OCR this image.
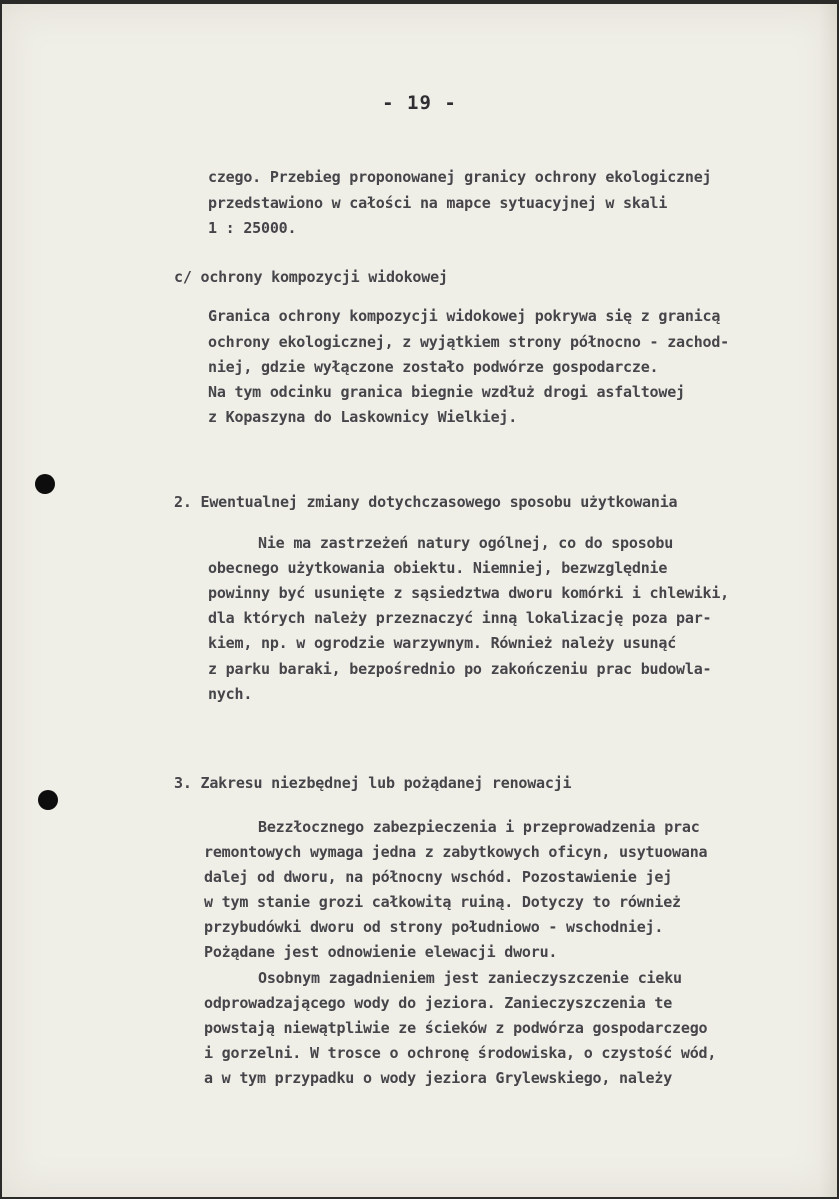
- 19 -
czego. Przebieg proponowanej granicy ochrony ekologicznej
przedstawiono w całości na mapce sytuacyjnej w skali
1 : 25000.
c/ ochrony kompozycji widokowej
Granica ochrony kompozycji widokowej pokrywa się z granicą
ochrony ekologicznej, z wyjątkiem strony północno - zachod-
niej, gdzie wyłączone zostało podwórze gospodarcze.
Na tym odcinku granica biegnie wzdłuż drogi asfaltowej
z Kopaszyna do Laskownicy Wielkiej.
2. Ewentualnej zmiany dotychczasowego sposobu użytkowania
Nie ma zastrzeżeń natury ogólnej, co do sposobu
obecnego użytkowania obiektu. Niemniej, bezwzględnie
powinny być usunięte z sąsiedztwa dworu komórki i chlewiki,
dla których należy przeznaczyć inną lokalizację poza par-
kiem, np. w ogrodzie warzywnym. Również należy usunąć
z parku baraki, bezpośrednio po zakończeniu prac budowla-
nych.
3. Zakresu niezbędnej lub pożądanej renowacji
Bezzłocznego zabezpieczenia i przeprowadzenia prac
remontowych wymaga jedna z zabytkowych oficyn, usytuowana
dalej od dworu, na północny wschód. Pozostawienie jej
w tym stanie grozi całkowitą ruiną. Dotyczy to również
przybudówki dworu od strony południowo - wschodniej.
Pożądane jest odnowienie elewacji dworu.
Osobnym zagadnieniem jest zanieczyszczenie cieku
odprowadzającego wody do jeziora. Zanieczyszczenia te
powstają niewątpliwie ze ścieków z podwórza gospodarczego
i gorzelni. W trosce o ochronę środowiska, o czystość wód,
a w tym przypadku o wody jeziora Grylewskiego, należy
